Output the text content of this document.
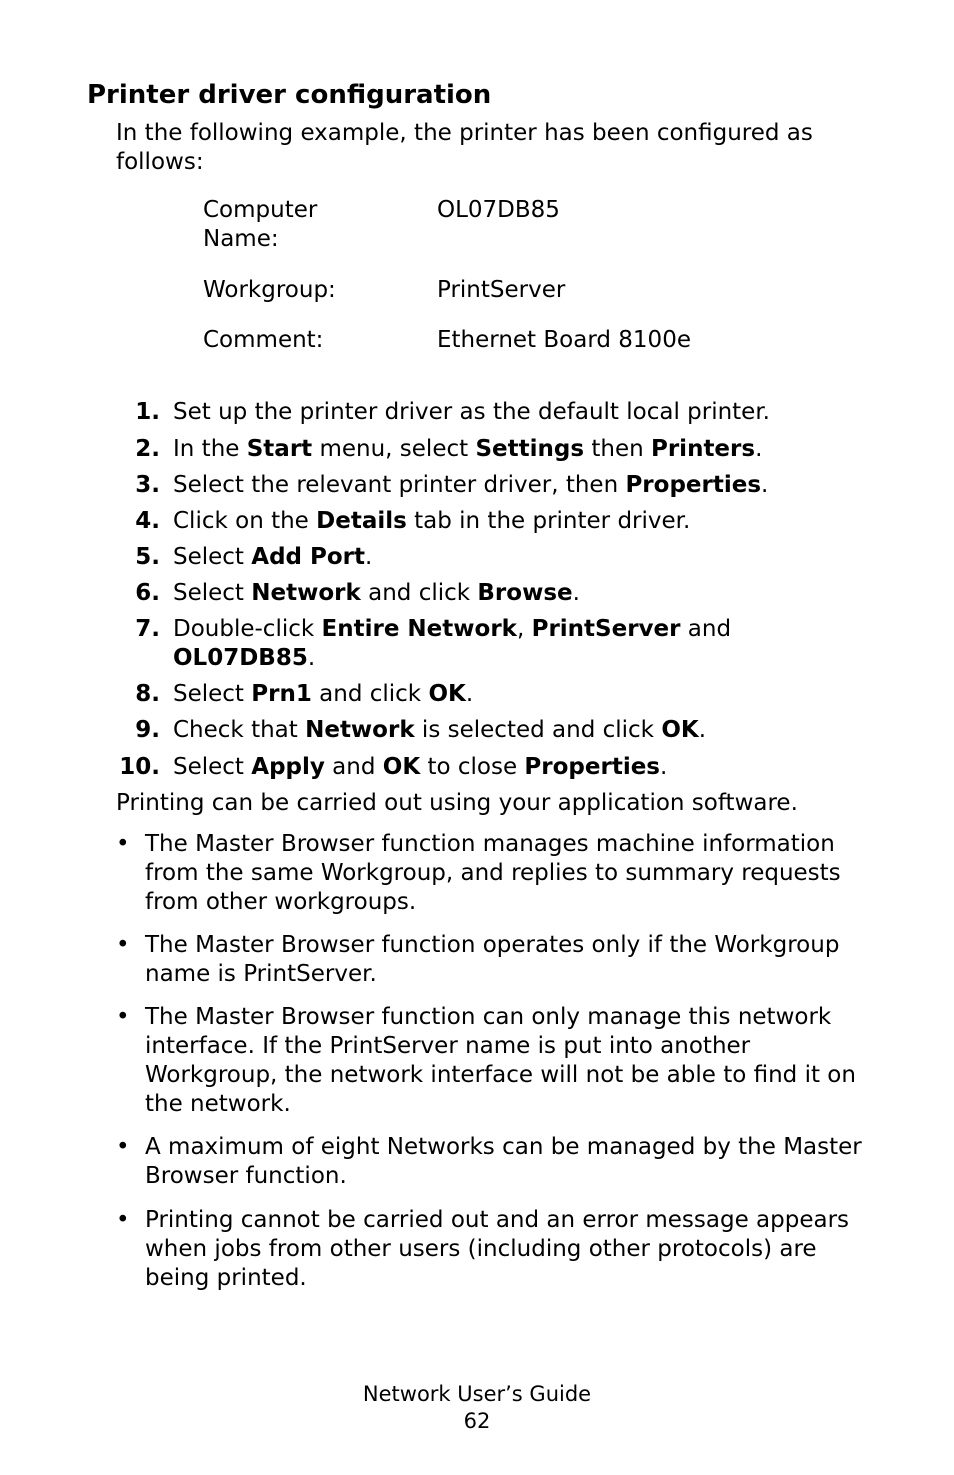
Printer driver configuration

In the following example, the printer has been configured as follows:

Computer Name:
OL07DB85
Workgroup:	PrintServer
Comment:	Ethernet Board 8100e
1. Set up the printer driver as the default local printer.
2. In the Start menu, select Settings then Printers.
3. Select the relevant printer driver, then Properties.
4. Click on the Details tab in the printer driver.
5. Select Add Port.
6. Select Network and click Browse.
7. Double-click Entire Network, PrintServer and OL07DB85.
8. Select Prn1 and click OK.
9. Check that Network is selected and click OK.
10. Select Apply and OK to close Properties.

Printing can be carried out using your application software.

• The Master Browser function manages machine information from the same Workgroup, and replies to summary requests from other workgroups.
• The Master Browser function operates only if the Workgroup name is PrintServer.
• The Master Browser function can only manage this network interface. If the PrintServer name is put into another Workgroup, the network interface will not be able to find it on the network.
• A maximum of eight Networks can be managed by the Master Browser function.
• Printing cannot be carried out and an error message appears when jobs from other users (including other protocols) are being printed.
Network User’s Guide
62
